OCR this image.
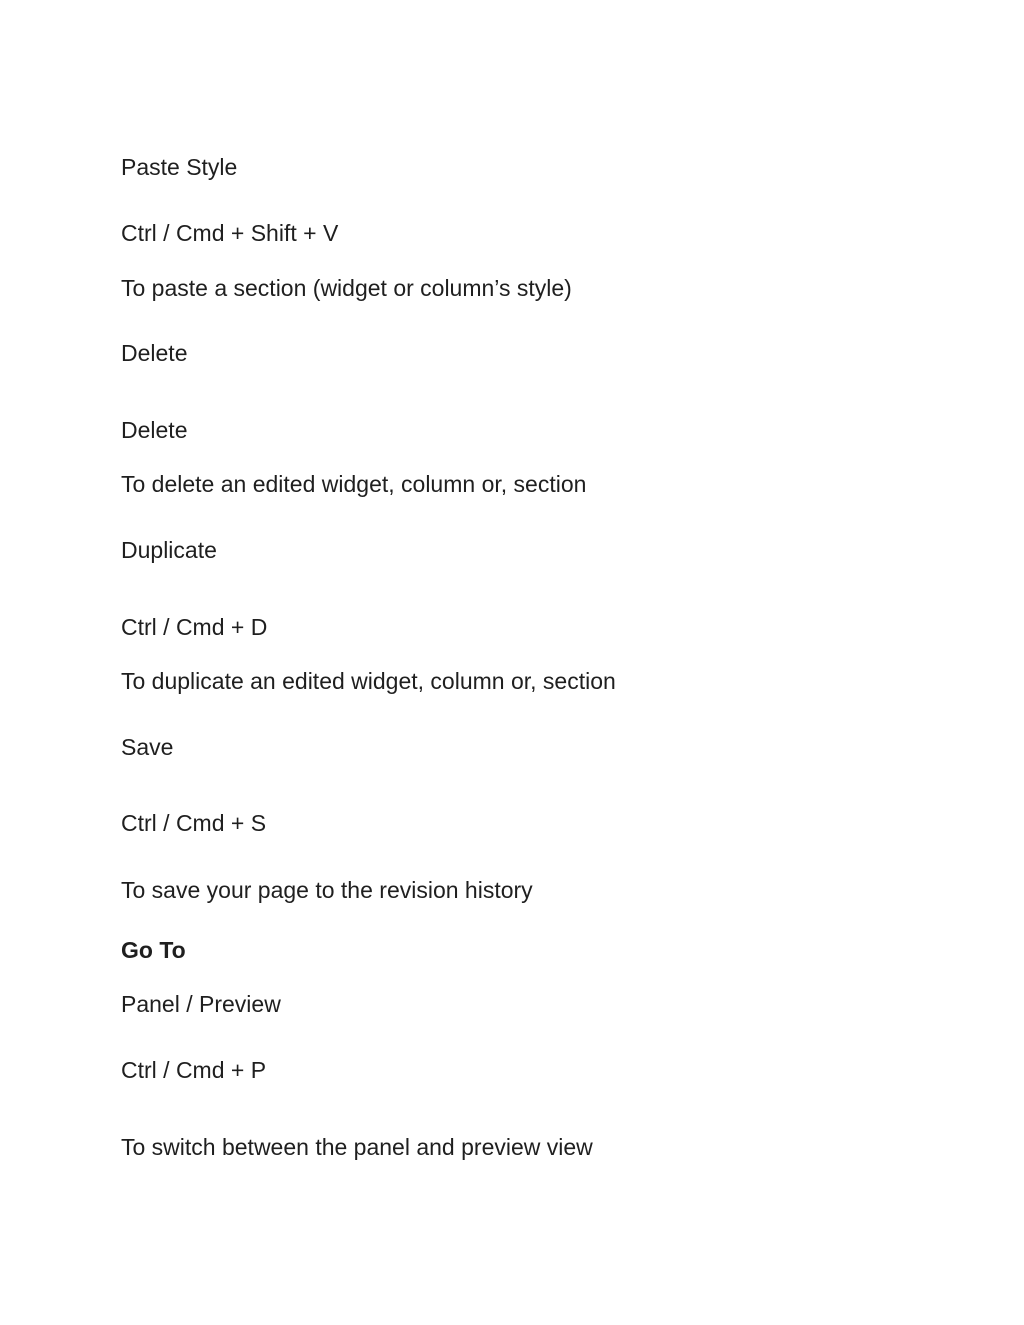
Paste Style
Ctrl / Cmd + Shift + V
To paste a section (widget or column’s style)
Delete
Delete
To delete an edited widget, column or, section
Duplicate
Ctrl / Cmd + D
To duplicate an edited widget, column or, section
Save
Ctrl / Cmd + S
To save your page to the revision history
Go To
Panel / Preview
Ctrl / Cmd + P
To switch between the panel and preview view
